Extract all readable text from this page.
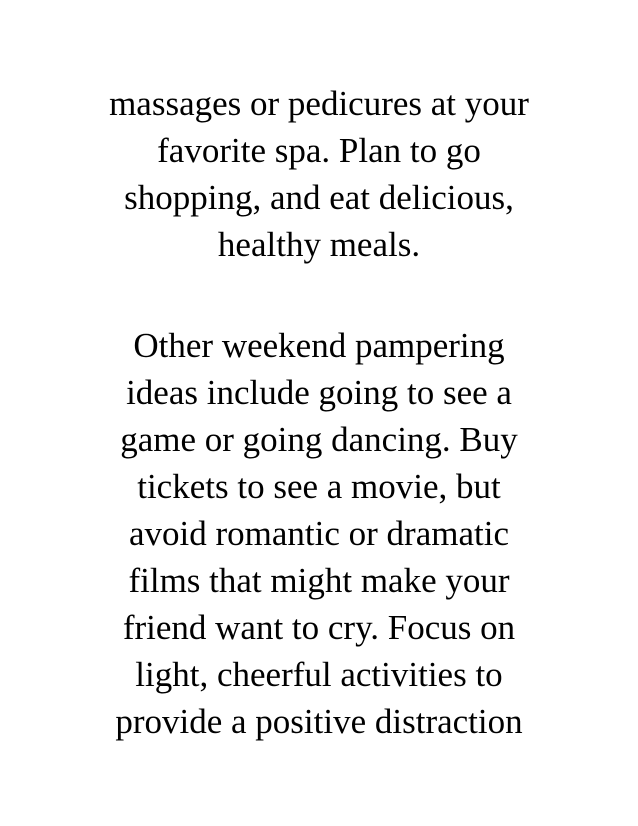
massages or pedicures at your
favorite spa. Plan to go
shopping, and eat delicious,
healthy meals.

Other weekend pampering
ideas include going to see a
game or going dancing. Buy
tickets to see a movie, but
avoid romantic or dramatic
films that might make your
friend want to cry. Focus on
light, cheerful activities to
provide a positive distraction
